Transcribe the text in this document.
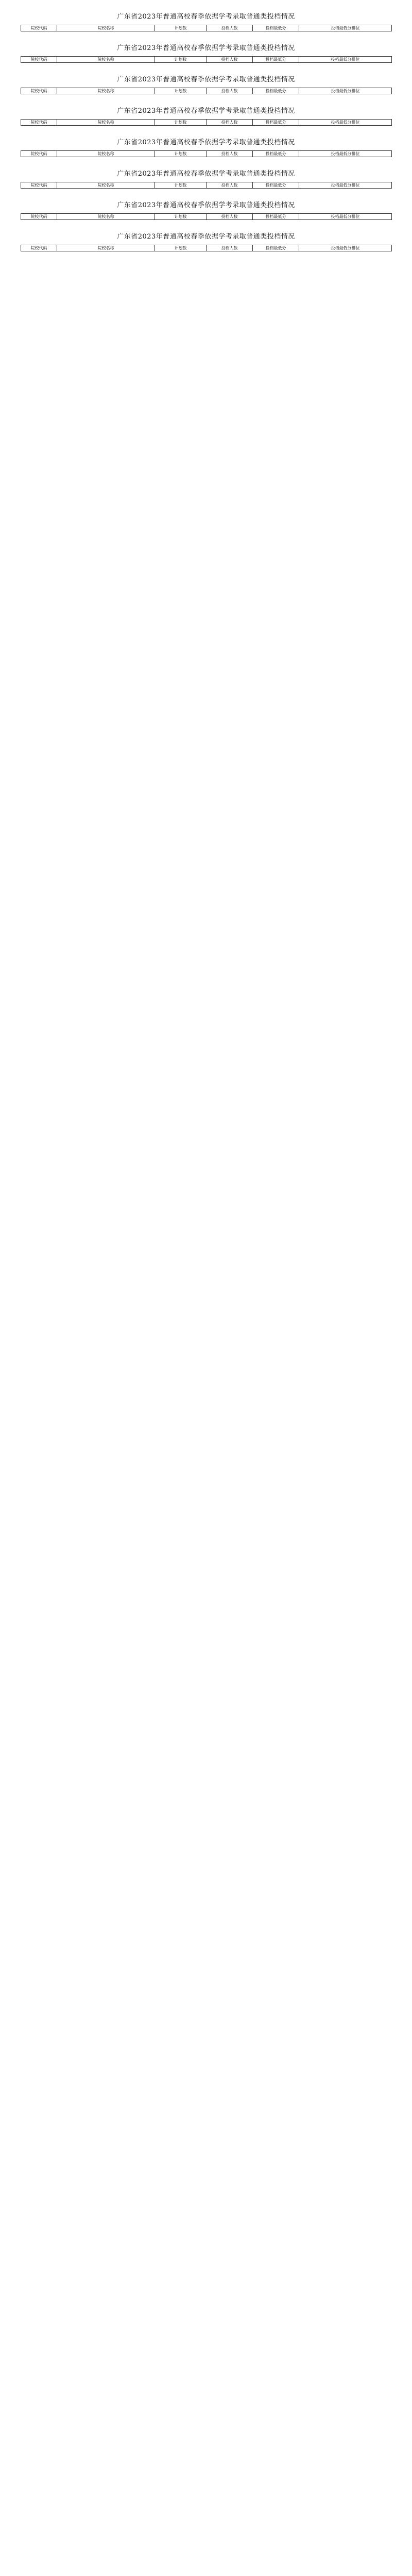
广东省2023年普通高校春季依据学考录取普通类投档情况
院校代码	院校名称	计划数	投档人数	投档最低分	投档最低分排位
广东省2023年普通高校春季依据学考录取普通类投档情况
院校代码	院校名称	计划数	投档人数	投档最低分	投档最低分排位
广东省2023年普通高校春季依据学考录取普通类投档情况
院校代码	院校名称	计划数	投档人数	投档最低分	投档最低分排位
广东省2023年普通高校春季依据学考录取普通类投档情况
院校代码	院校名称	计划数	投档人数	投档最低分	投档最低分排位
广东省2023年普通高校春季依据学考录取普通类投档情况
院校代码	院校名称	计划数	投档人数	投档最低分	投档最低分排位
广东省2023年普通高校春季依据学考录取普通类投档情况
院校代码	院校名称	计划数	投档人数	投档最低分	投档最低分排位
广东省2023年普通高校春季依据学考录取普通类投档情况
院校代码	院校名称	计划数	投档人数	投档最低分	投档最低分排位
广东省2023年普通高校春季依据学考录取普通类投档情况
院校代码	院校名称	计划数	投档人数	投档最低分	投档最低分排位
